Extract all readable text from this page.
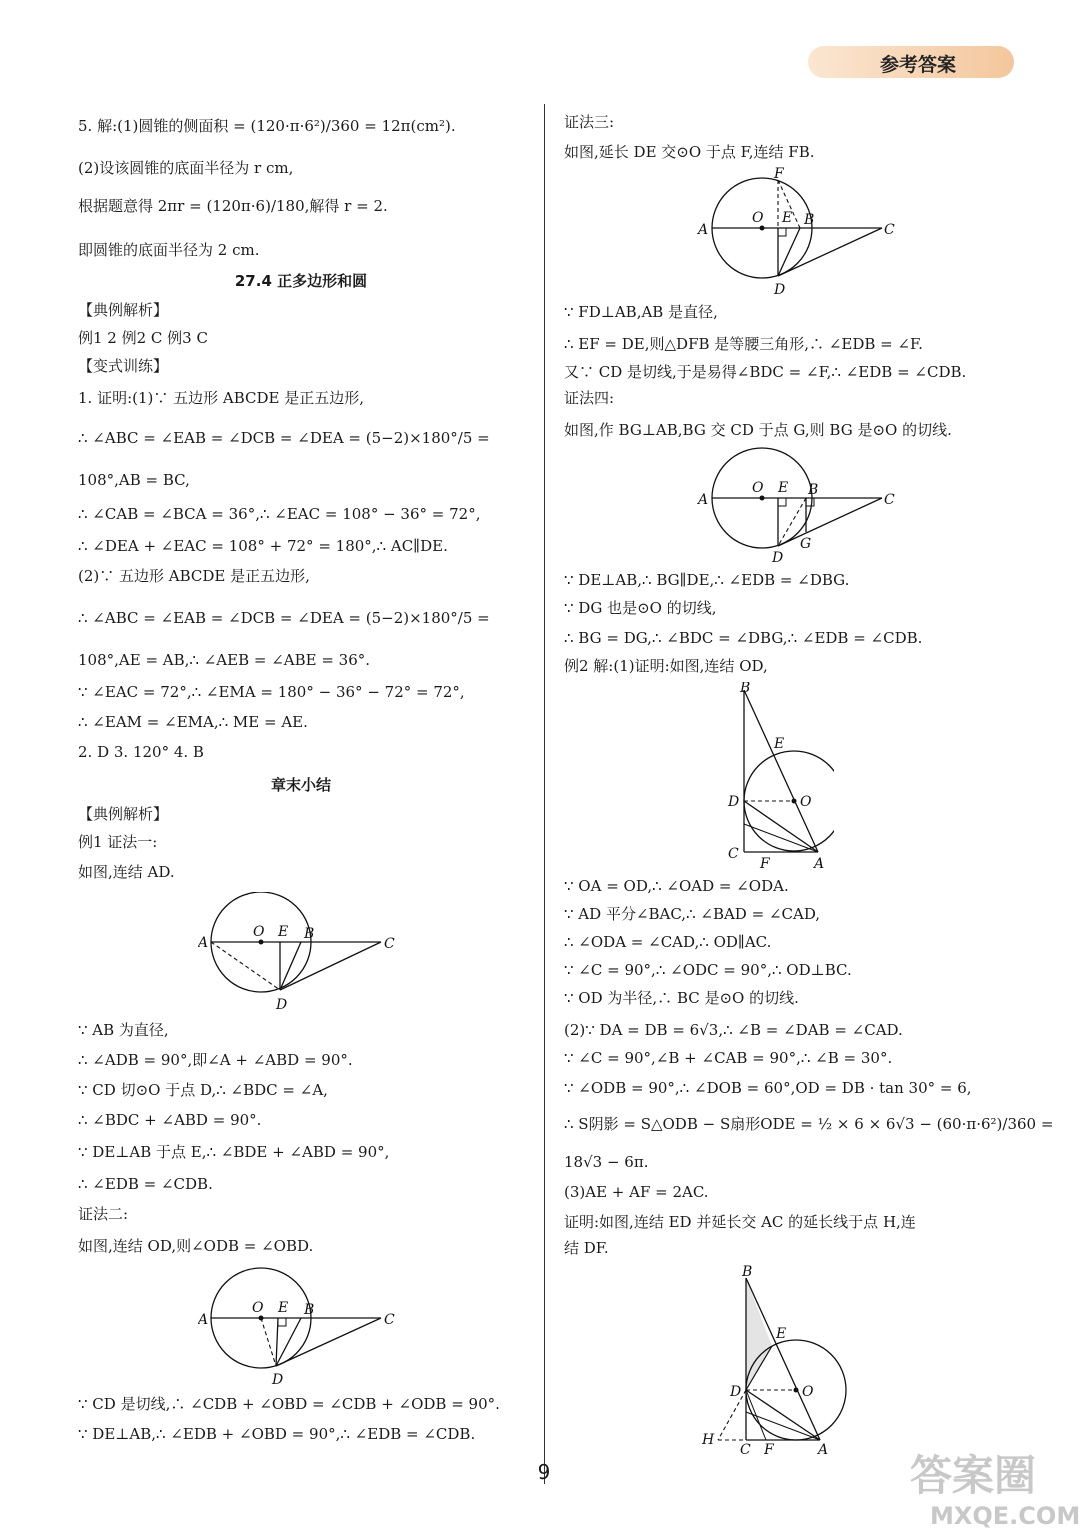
参考答案
5. 解:(1)圆锥的侧面积 = (120·π·6²)/360 = 12π(cm²).
(2)设该圆锥的底面半径为 r cm,
根据题意得 2πr = (120π·6)/180,解得 r = 2.
即圆锥的底面半径为 2 cm.
27.4 正多边形和圆
【典例解析】
例1 2 例2 C 例3 C
【变式训练】
1. 证明:(1)∵ 五边形 ABCDE 是正五边形,
∴ ∠ABC = ∠EAB = ∠DCB = ∠DEA = (5−2)×180°/5 =
108°,AB = BC,
∴ ∠CAB = ∠BCA = 36°,∴ ∠EAC = 108° − 36° = 72°,
∴ ∠DEA + ∠EAC = 108° + 72° = 180°,∴ AC∥DE.
(2)∵ 五边形 ABCDE 是正五边形,
∴ ∠ABC = ∠EAB = ∠DCB = ∠DEA = (5−2)×180°/5 =
108°,AE = AB,∴ ∠AEB = ∠ABE = 36°.
∵ ∠EAC = 72°,∴ ∠EMA = 180° − 36° − 72° = 72°,
∴ ∠EAM = ∠EMA,∴ ME = AE.
2. D 3. 120° 4. B
章末小结
【典例解析】
例1 证法一:
如图,连结 AD.
A
O E B
C
D
∵ AB 为直径,
∴ ∠ADB = 90°,即∠A + ∠ABD = 90°.
∵ CD 切⊙O 于点 D,∴ ∠BDC = ∠A,
∴ ∠BDC + ∠ABD = 90°.
∵ DE⊥AB 于点 E,∴ ∠BDE + ∠ABD = 90°,
∴ ∠EDB = ∠CDB.
证法二:
如图,连结 OD,则∠ODB = ∠OBD.
A
O E B
C
D
∵ CD 是切线,∴ ∠CDB + ∠OBD = ∠CDB + ∠ODB = 90°.
∵ DE⊥AB,∴ ∠EDB + ∠OBD = 90°,∴ ∠EDB = ∠CDB.
证法三:
如图,延长 DE 交⊙O 于点 F,连结 FB.
F
A
O E B
C
D
∵ FD⊥AB,AB 是直径,
∴ EF = DE,则△DFB 是等腰三角形,∴ ∠EDB = ∠F.
又∵ CD 是切线,于是易得∠BDC = ∠F,∴ ∠EDB = ∠CDB.
证法四:
如图,作 BG⊥AB,BG 交 CD 于点 G,则 BG 是⊙O 的切线.
A
O E B
C
D
G
∵ DE⊥AB,∴ BG∥DE,∴ ∠EDB = ∠DBG.
∵ DG 也是⊙O 的切线,
∴ BG = DG,∴ ∠BDC = ∠DBG,∴ ∠EDB = ∠CDB.
例2 解:(1)证明:如图,连结 OD,
B
E
D	O
C
F	A
∵ OA = OD,∴ ∠OAD = ∠ODA.
∵ AD 平分∠BAC,∴ ∠BAD = ∠CAD,
∴ ∠ODA = ∠CAD,∴ OD∥AC.
∵ ∠C = 90°,∴ ∠ODC = 90°,∴ OD⊥BC.
∵ OD 为半径,∴ BC 是⊙O 的切线.
(2)∵ DA = DB = 6√3,∴ ∠B = ∠DAB = ∠CAD.
∵ ∠C = 90°,∠B + ∠CAB = 90°,∴ ∠B = 30°.
∵ ∠ODB = 90°,∴ ∠DOB = 60°,OD = DB · tan 30° = 6,
∴ S阴影 = S△ODB − S扇形ODE = ½ × 6 × 6√3 − (60·π·6²)/360 =
18√3 − 6π.
(3)AE + AF = 2AC.
证明:如图,连结 ED 并延长交 AC 的延长线于点 H,连
结 DF.
B
E
D	O
H
C F	A
9	答案圈
MXQE.COM
